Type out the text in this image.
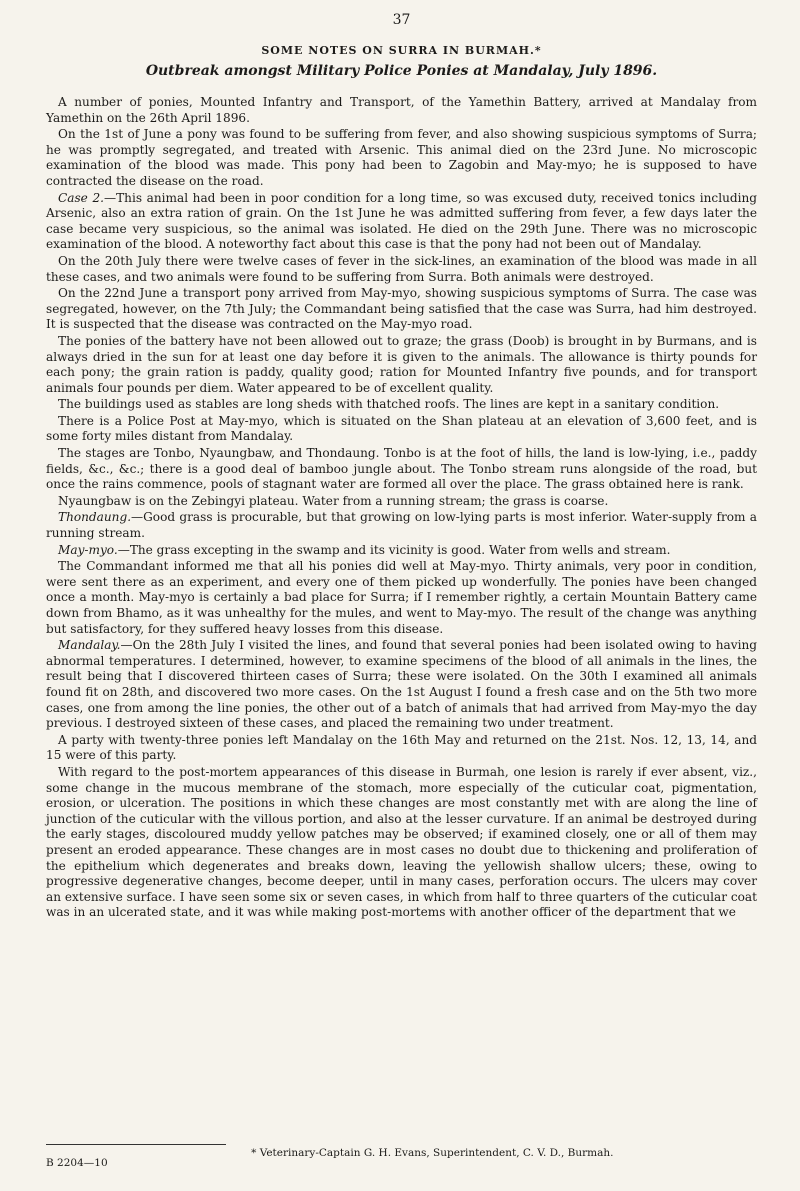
37
SOME NOTES ON SURRA IN BURMAH.*
Outbreak amongst Military Police Ponies at Mandalay, July 1896.

A number of ponies, Mounted Infantry and Transport, of the Yamethin Battery, arrived at Mandalay from Yamethin on the 26th April 1896.

On the 1st of June a pony was found to be suffering from fever, and also showing suspicious symptoms of Surra; he was promptly segregated, and treated with Arsenic. This animal died on the 23rd June. No microscopic examination of the blood was made. This pony had been to Zagobin and May-myo; he is supposed to have contracted the disease on the road.

Case 2.—This animal had been in poor condition for a long time, so was excused duty, received tonics including Arsenic, also an extra ration of grain. On the 1st June he was admitted suffering from fever, a few days later the case became very suspicious, so the animal was isolated. He died on the 29th June. There was no microscopic examination of the blood. A noteworthy fact about this case is that the pony had not been out of Mandalay.

On the 20th July there were twelve cases of fever in the sick-lines, an examination of the blood was made in all these cases, and two animals were found to be suffering from Surra. Both animals were destroyed.

On the 22nd June a transport pony arrived from May-myo, showing suspicious symptoms of Surra. The case was segregated, however, on the 7th July; the Commandant being satisfied that the case was Surra, had him destroyed. It is suspected that the disease was contracted on the May-myo road.

The ponies of the battery have not been allowed out to graze; the grass (Doob) is brought in by Burmans, and is always dried in the sun for at least one day before it is given to the animals. The allowance is thirty pounds for each pony; the grain ration is paddy, quality good; ration for Mounted Infantry five pounds, and for transport animals four pounds per diem. Water appeared to be of excellent quality.

The buildings used as stables are long sheds with thatched roofs. The lines are kept in a sanitary condition.

There is a Police Post at May-myo, which is situated on the Shan plateau at an elevation of 3,600 feet, and is some forty miles distant from Mandalay.

The stages are Tonbo, Nyaungbaw, and Thondaung. Tonbo is at the foot of hills, the land is low-lying, i.e., paddy fields, &c., &c.; there is a good deal of bamboo jungle about. The Tonbo stream runs alongside of the road, but once the rains commence, pools of stagnant water are formed all over the place. The grass obtained here is rank.

Nyaungbaw is on the Zebingyi plateau. Water from a running stream; the grass is coarse.

Thondaung.—Good grass is procurable, but that growing on low-lying parts is most inferior. Water-supply from a running stream.

May-myo.—The grass excepting in the swamp and its vicinity is good. Water from wells and stream.

The Commandant informed me that all his ponies did well at May-myo. Thirty animals, very poor in condition, were sent there as an experiment, and every one of them picked up wonderfully. The ponies have been changed once a month. May-myo is certainly a bad place for Surra; if I remember rightly, a certain Mountain Battery came down from Bhamo, as it was unhealthy for the mules, and went to May-myo. The result of the change was anything but satisfactory, for they suffered heavy losses from this disease.

Mandalay.—On the 28th July I visited the lines, and found that several ponies had been isolated owing to having abnormal temperatures. I determined, however, to examine specimens of the blood of all animals in the lines, the result being that I discovered thirteen cases of Surra; these were isolated. On the 30th I examined all animals found fit on 28th, and discovered two more cases. On the 1st August I found a fresh case and on the 5th two more cases, one from among the line ponies, the other out of a batch of animals that had arrived from May-myo the day previous. I destroyed sixteen of these cases, and placed the remaining two under treatment.

A party with twenty-three ponies left Mandalay on the 16th May and returned on the 21st. Nos. 12, 13, 14, and 15 were of this party.

With regard to the post-mortem appearances of this disease in Burmah, one lesion is rarely if ever absent, viz., some change in the mucous membrane of the stomach, more especially of the cuticular coat, pigmentation, erosion, or ulceration. The positions in which these changes are most constantly met with are along the line of junction of the cuticular with the villous portion, and also at the lesser curvature. If an animal be destroyed during the early stages, discoloured muddy yellow patches may be observed; if examined closely, one or all of them may present an eroded appearance. These changes are in most cases no doubt due to thickening and proliferation of the epithelium which degenerates and breaks down, leaving the yellowish shallow ulcers; these, owing to progressive degenerative changes, become deeper, until in many cases, perforation occurs. The ulcers may cover an extensive surface. I have seen some six or seven cases, in which from half to three quarters of the cuticular coat was in an ulcerated state, and it was while making post-mortems with another officer of the department that we

B 2204—10
* Veterinary-Captain G. H. Evans, Superintendent, C. V. D., Burmah.
